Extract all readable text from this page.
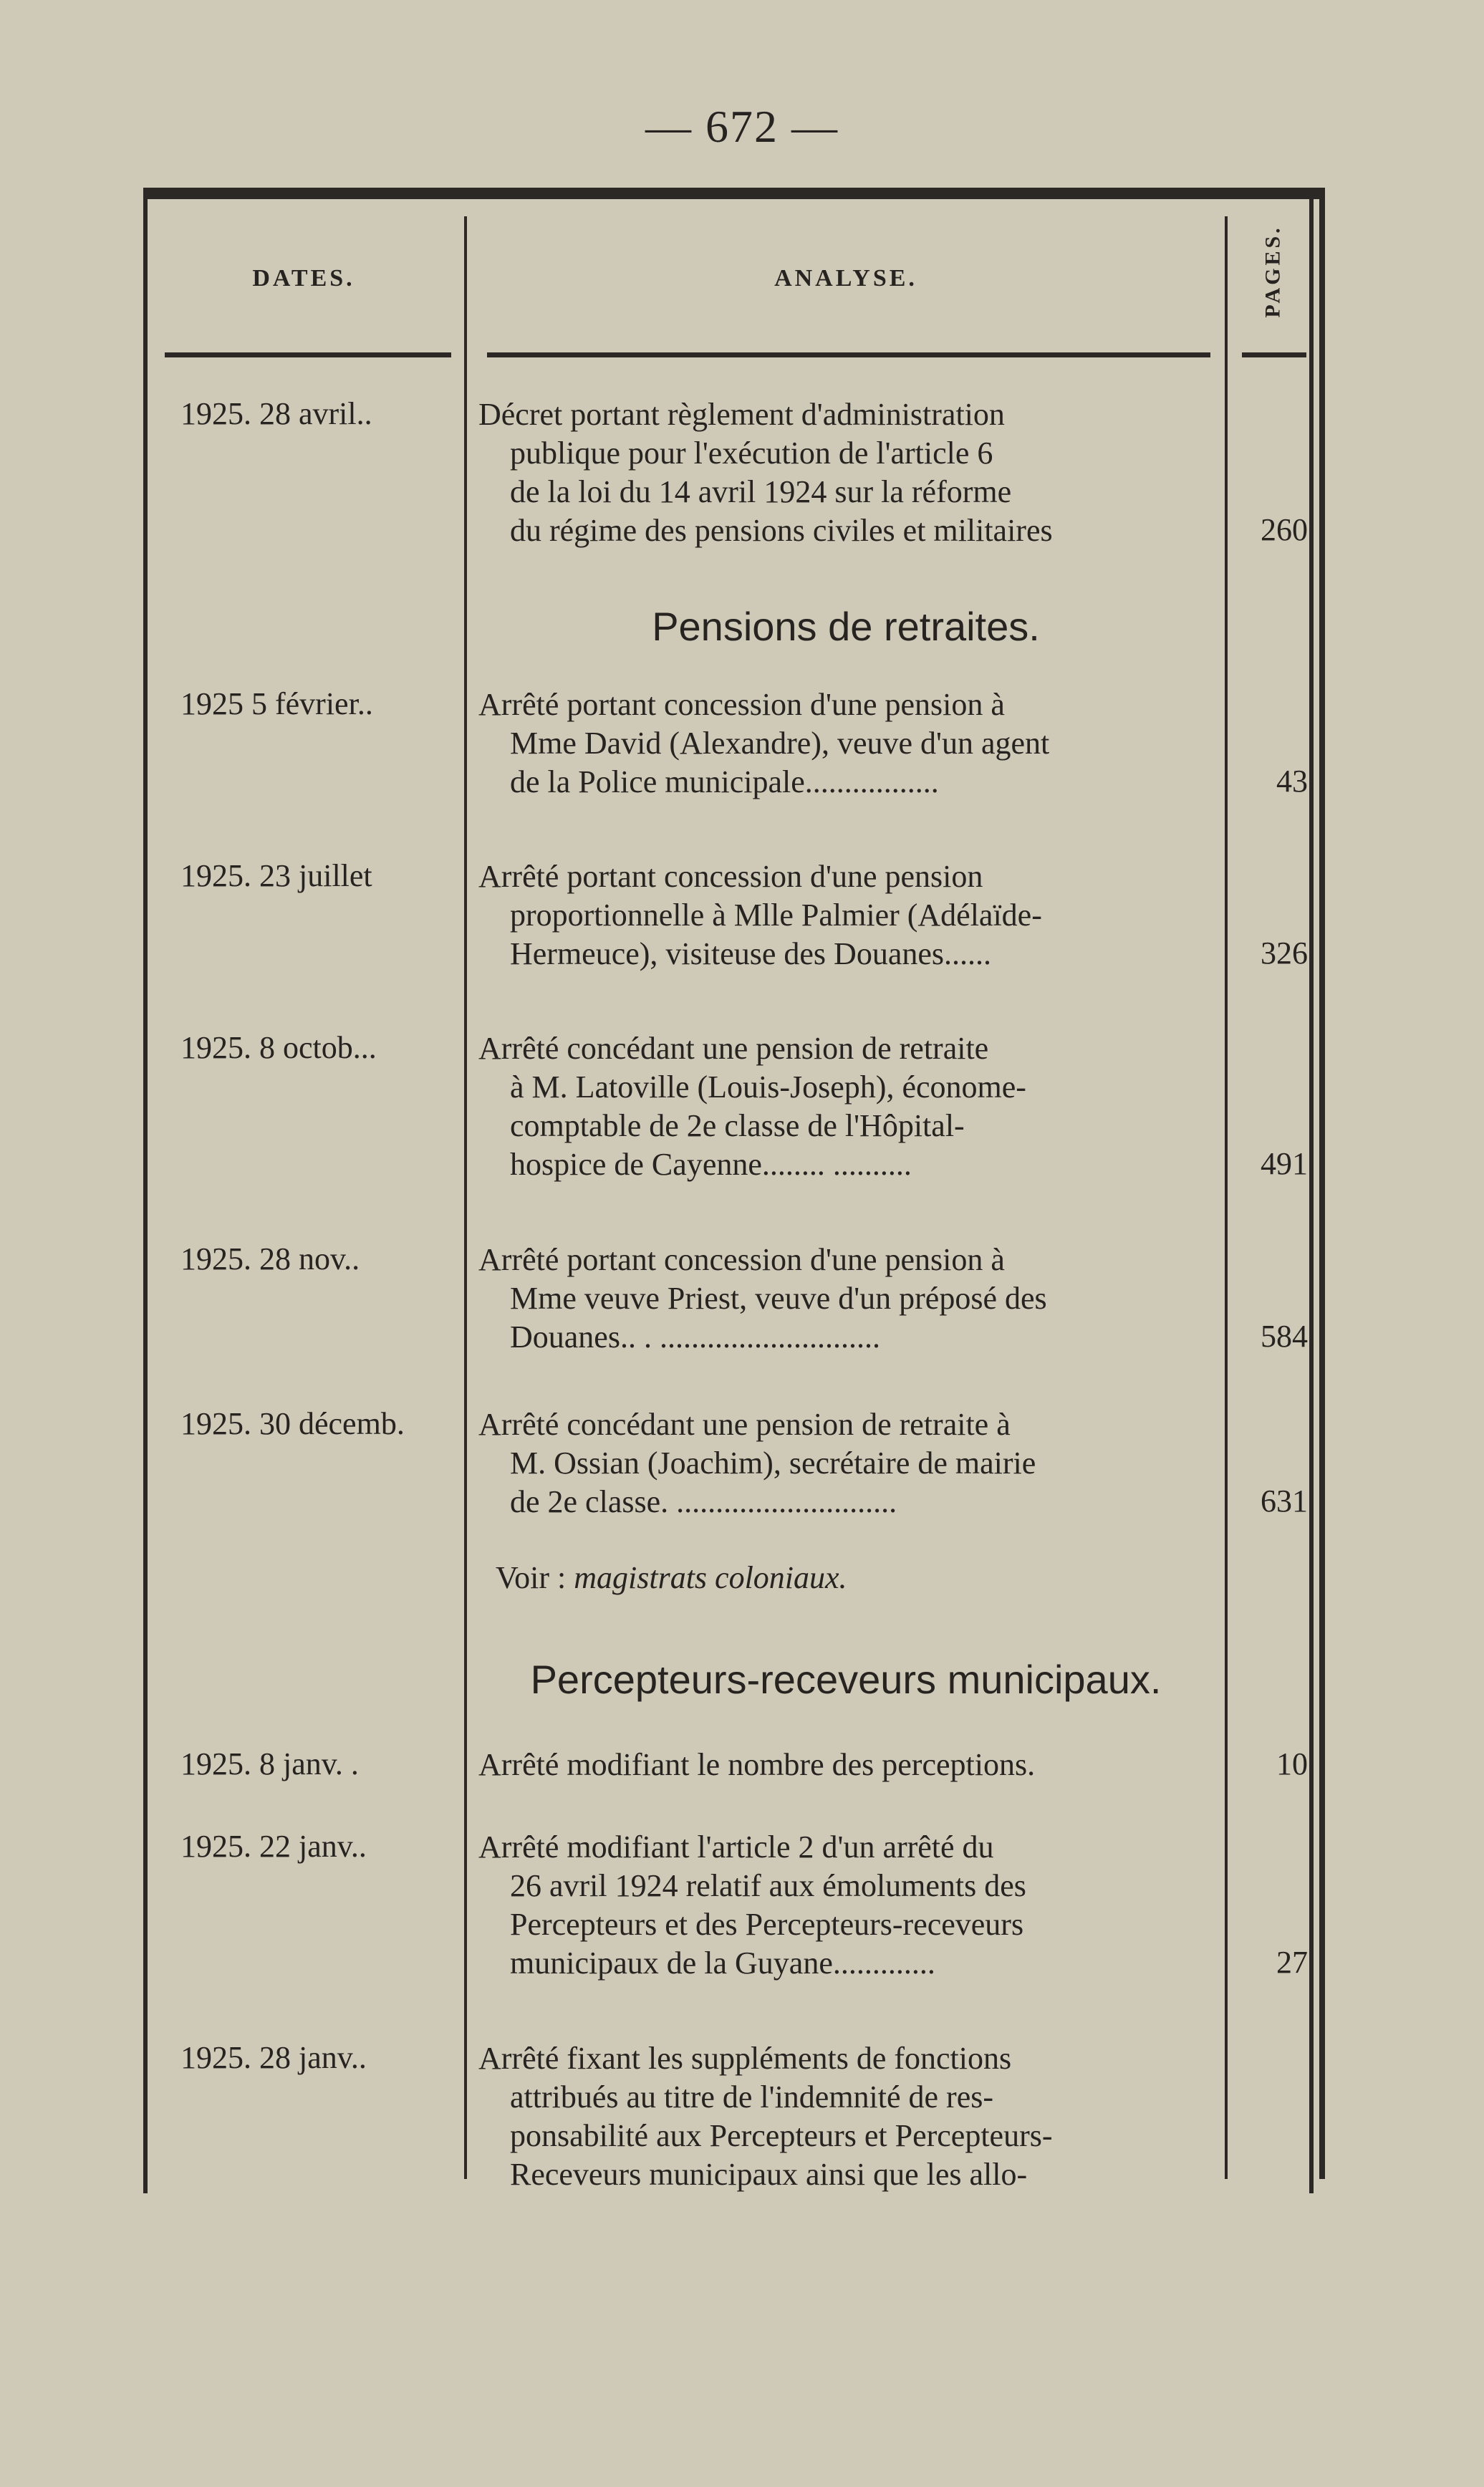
— 672 —
DATES.	ANALYSE.	PAGES.
1925. 28 avril..	Décret portant règlement d'administration
publique pour l'exécution de l'article 6
de la loi du 14 avril 1924 sur la réforme
du régime des pensions civiles et militaires	260
Pensions de retraites.
1925 5 février..	Arrêté portant concession d'une pension à
Mme David (Alexandre), veuve d'un agent
de la Police municipale.................	43
1925. 23 juillet	Arrêté portant concession d'une pension
proportionnelle à Mlle Palmier (Adélaïde-
Hermeuce), visiteuse des Douanes......	326
1925. 8 octob...	Arrêté concédant une pension de retraite
à M. Latoville (Louis-Joseph), économe-
comptable de 2e classe de l'Hôpital-
hospice de Cayenne........ ..........	491
1925. 28 nov..	Arrêté portant concession d'une pension à
Mme veuve Priest, veuve d'un préposé des
Douanes.. . ............................	584
1925. 30 décemb.	Arrêté concédant une pension de retraite à
M. Ossian (Joachim), secrétaire de mairie
de 2e classe. ............................	631
Voir : magistrats coloniaux.
Percepteurs-receveurs municipaux.
1925. 8 janv. .	Arrêté modifiant le nombre des perceptions.	10
1925. 22 janv..	Arrêté modifiant l'article 2 d'un arrêté du
26 avril 1924 relatif aux émoluments des
Percepteurs et des Percepteurs-receveurs
municipaux de la Guyane.............	27
1925. 28 janv..	Arrêté fixant les suppléments de fonctions
attribués au titre de l'indemnité de res-
ponsabilité aux Percepteurs et Percepteurs-
Receveurs municipaux ainsi que les allo-
